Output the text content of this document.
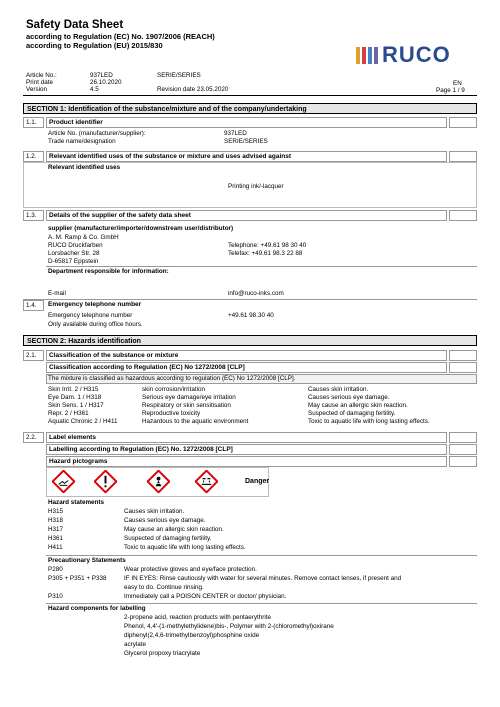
Safety Data Sheet
according to Regulation (EC) No. 1907/2006 (REACH)
according to Regulation (EU) 2015/830	RUCO
Article No.:	937LED	SERIE/SERIES
Print date	26.10.2020	EN
Version	4.5	Revision date 23.05.2020	Page 1 / 9
SECTION 1: Identification of the substance/mixture and of the company/undertaking
1.1.	Product identifier
Article No. (manufacturer/supplier):	937LED
Trade name/designation	SERIE/SERIES
1.2.	Relevant identified uses of the substance or mixture and uses advised against
Relevant identified uses
Printing ink/-lacquer
1.3.	Details of the supplier of the safety data sheet
supplier (manufacturer/importer/downstream user/distributor)
A. M. Ramp & Co. GmbH
RUCO Druckfarben	Telephone: +49.61 98 30 40
Lorsbacher Str. 28	Telefax: +49.61 98.3 22 88
D-65817 Eppstein
Department responsible for information:
E-mail	info@ruco-inks.com
1.4.	Emergency telephone number
Emergency telephone number	+49.61 98.30 40
Only available during office hours.
SECTION 2: Hazards identification
2.1.	Classification of the substance or mixture
Classification according to Regulation (EC) No 1272/2008 [CLP]
The mixture is classified as hazardous according to regulation (EC) No 1272/2008 [CLP].
Skin Irrit. 2 / H315	skin corrosion/irritation	Causes skin irritation.
Eye Dam. 1 / H318	Serious eye damage/eye irritation	Causes serious eye damage.
Skin Sens. 1 / H317	Respiratory or skin sensitisation	May cause an allergic skin reaction.
Repr. 2 / H361	Reproductive toxicity	Suspected of damaging fertility.
Aquatic Chronic 2 / H411	Hazardous to the aquatic environment	Toxic to aquatic life with long lasting effects.
2.2.	Label elements
Labelling according to Regulation (EC) No. 1272/2008 [CLP]
Hazard pictograms
Danger
Hazard statements
H315	Causes skin irritation.
H318	Causes serious eye damage.
H317	May cause an allergic skin reaction.
H361	Suspected of damaging fertility.
H411	Toxic to aquatic life with long lasting effects.
Precautionary Statements
P280	Wear protective gloves and eye/face protection.
P305 + P351 + P338	IF IN EYES: Rinse cautiously with water for several minutes. Remove contact lenses, if present and
easy to do. Continue rinsing.
P310	Immediately call a POISON CENTER or doctor/ physician.
Hazard components for labelling
2-propene acid, reaction products with pentaerythrite
Phenol, 4,4'-(1-methylethylidene)bis-, Polymer with 2-(chloromethyl)oxirane
diphenyl(2,4,6-trimethylbenzoyl)phosphine oxide
acrylate
Glycerol propoxy triacrylate
